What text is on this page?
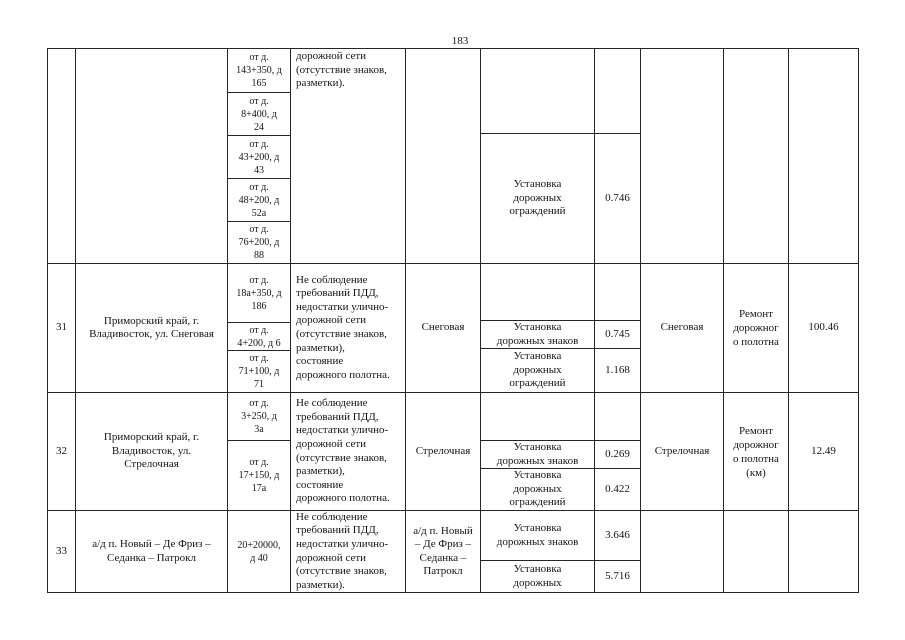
183
от д.
143+350, д
165
от д.
8+400, д
24
от д.
43+200, д
43
от д.
48+200, д
52а
от д.
76+200, д
88
дорожной сети
(отсутствие знаков,
разметки).
Установка
дорожных
ограждений
0.746
31
Приморский край, г.
Владивосток, ул. Снеговая
от д.
18а+350, д
186
от д.
4+200, д 6
от д.
71+100, д
71
Не соблюдение
требований ПДД,
недостатки улично-
дорожной сети
(отсутствие знаков,
разметки),
состояние
дорожного полотна.
Снеговая	Установка
дорожных знаков
0.745
Установка
дорожных
ограждений
1.168
Снеговая
Ремонт
дорожног
о полотна
100.46
32
Приморский край, г.
Владивосток, ул.
Стрелочная
от д.
3+250, д
3а
от д.
17+150, д
17а
Не соблюдение
требований ПДД,
недостатки улично-
дорожной сети
(отсутствие знаков,
разметки),
состояние
дорожного полотна.
Стрелочная	Установка
дорожных знаков
0.269
Установка
дорожных
ограждений
0.422
Стрелочная
Ремонт
дорожног
о полотна
(км)
12.49
33
а/д п. Новый – Де Фриз –
Седанка – Патрокл
20+20000,
д 40
Не соблюдение
требований ПДД,
недостатки улично-
дорожной сети
(отсутствие знаков,
разметки).
а/д п. Новый
– Де Фриз –
Седанка –
Патрокл
Установка
дорожных знаков
3.646
Установка
дорожных
5.716
